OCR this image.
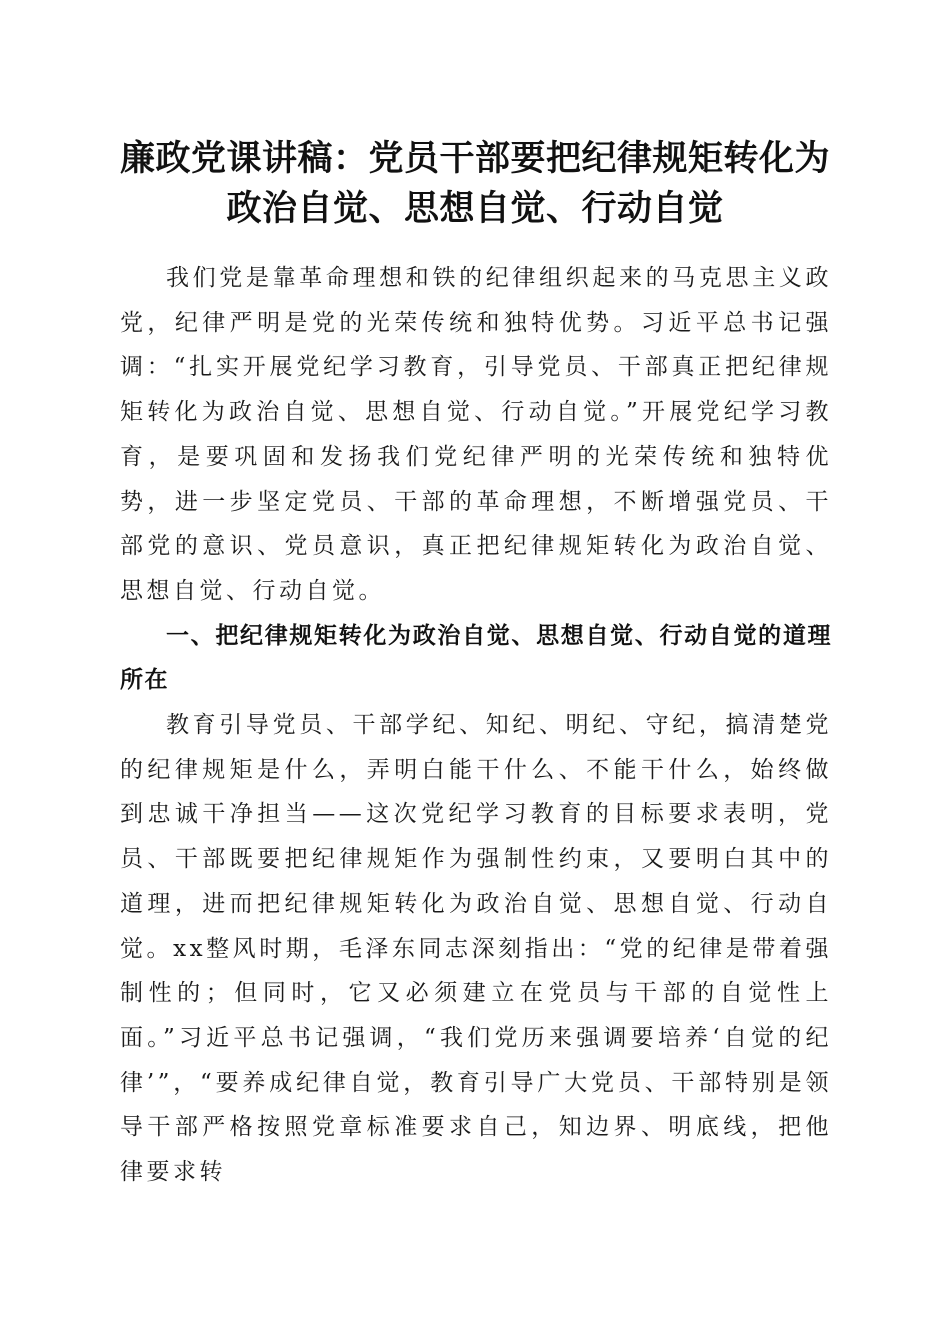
廉政党课讲稿：党员干部要把纪律规矩转化为
政治自觉、思想自觉、行动自觉

我们党是靠革命理想和铁的纪律组织起来的马克思主义政党，纪律严明是党的光荣传统和独特优势。习近平总书记强调：“扎实开展党纪学习教育，引导党员、干部真正把纪律规矩转化为政治自觉、思想自觉、行动自觉。”开展党纪学习教育，是要巩固和发扬我们党纪律严明的光荣传统和独特优势，进一步坚定党员、干部的革命理想，不断增强党员、干部党的意识、党员意识，真正把纪律规矩转化为政治自觉、思想自觉、行动自觉。

一、把纪律规矩转化为政治自觉、思想自觉、行动自觉的道理所在

教育引导党员、干部学纪、知纪、明纪、守纪，搞清楚党的纪律规矩是什么，弄明白能干什么、不能干什么，始终做到忠诚干净担当——这次党纪学习教育的目标要求表明，党员、干部既要把纪律规矩作为强制性约束，又要明白其中的道理，进而把纪律规矩转化为政治自觉、思想自觉、行动自觉。xx整风时期，毛泽东同志深刻指出：“党的纪律是带着强制性的；但同时，它又必须建立在党员与干部的自觉性上面。”习近平总书记强调，“我们党历来强调要培养‘自觉的纪律’”，“要养成纪律自觉，教育引导广大党员、干部特别是领导干部严格按照党章标准要求自己，知边界、明底线，把他律要求转
